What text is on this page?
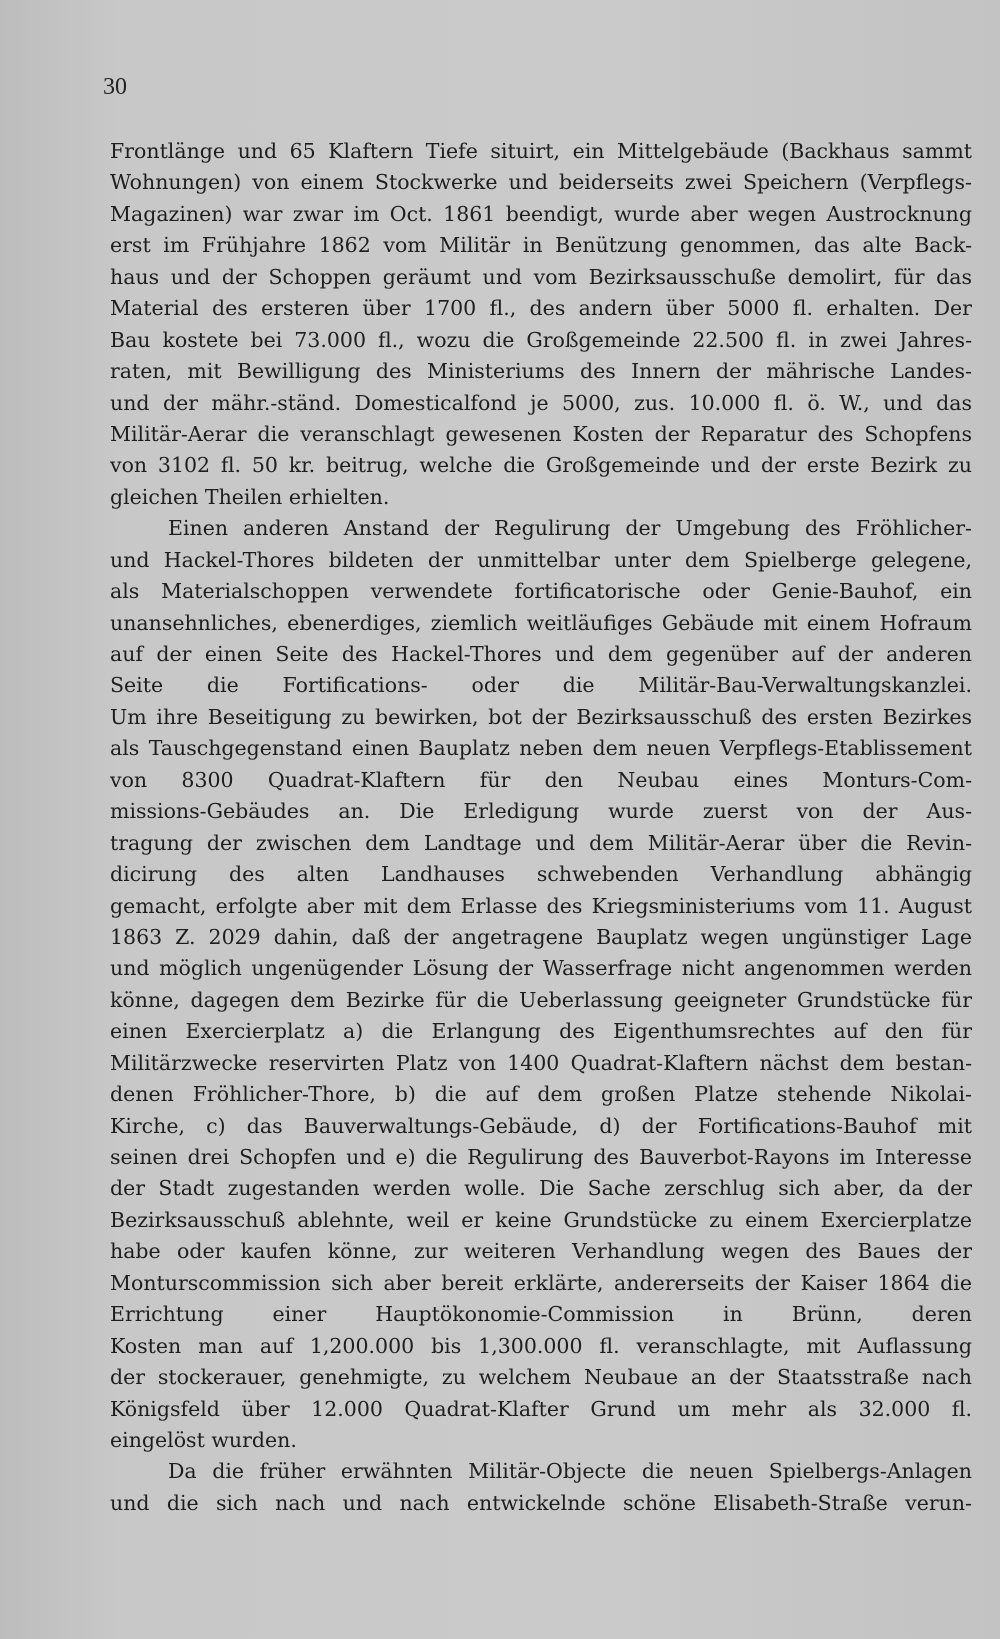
30
Frontlänge und 65 Klaftern Tiefe situirt, ein Mittelgebäude (Backhaus sammt
Wohnungen) von einem Stockwerke und beiderseits zwei Speichern (Verpflegs-
Magazinen) war zwar im Oct. 1861 beendigt, wurde aber wegen Austrocknung
erst im Frühjahre 1862 vom Militär in Benützung genommen, das alte Back-
haus und der Schoppen geräumt und vom Bezirksausschuße demolirt, für das
Material des ersteren über 1700 fl., des andern über 5000 fl. erhalten. Der
Bau kostete bei 73.000 fl., wozu die Großgemeinde 22.500 fl. in zwei Jahres-
raten, mit Bewilligung des Ministeriums des Innern der mährische Landes-
und der mähr.-ständ. Domesticalfond je 5000, zus. 10.000 fl. ö. W., und das
Militär-Aerar die veranschlagt gewesenen Kosten der Reparatur des Schopfens
von 3102 fl. 50 kr. beitrug, welche die Großgemeinde und der erste Bezirk zu
gleichen Theilen erhielten.
Einen anderen Anstand der Regulirung der Umgebung des Fröhlicher-
und Hackel-Thores bildeten der unmittelbar unter dem Spielberge gelegene,
als Materialschoppen verwendete fortificatorische oder Genie-Bauhof, ein
unansehnliches, ebenerdiges, ziemlich weitläufiges Gebäude mit einem Hofraum
auf der einen Seite des Hackel-Thores und dem gegenüber auf der anderen
Seite die Fortifications- oder die Militär-Bau-Verwaltungskanzlei.
Um ihre Beseitigung zu bewirken, bot der Bezirksausschuß des ersten Bezirkes
als Tauschgegenstand einen Bauplatz neben dem neuen Verpflegs-Etablissement
von 8300 Quadrat-Klaftern für den Neubau eines Monturs-Com-
missions-Gebäudes an. Die Erledigung wurde zuerst von der Aus-
tragung der zwischen dem Landtage und dem Militär-Aerar über die Revin-
dicirung des alten Landhauses schwebenden Verhandlung abhängig
gemacht, erfolgte aber mit dem Erlasse des Kriegsministeriums vom 11. August
1863 Z. 2029 dahin, daß der angetragene Bauplatz wegen ungünstiger Lage
und möglich ungenügender Lösung der Wasserfrage nicht angenommen werden
könne, dagegen dem Bezirke für die Ueberlassung geeigneter Grundstücke für
einen Exercierplatz a) die Erlangung des Eigenthumsrechtes auf den für
Militärzwecke reservirten Platz von 1400 Quadrat-Klaftern nächst dem bestan-
denen Fröhlicher-Thore, b) die auf dem großen Platze stehende Nikolai-
Kirche, c) das Bauverwaltungs-Gebäude, d) der Fortifications-Bauhof mit
seinen drei Schopfen und e) die Regulirung des Bauverbot-Rayons im Interesse
der Stadt zugestanden werden wolle. Die Sache zerschlug sich aber, da der
Bezirksausschuß ablehnte, weil er keine Grundstücke zu einem Exercierplatze
habe oder kaufen könne, zur weiteren Verhandlung wegen des Baues der
Monturscommission sich aber bereit erklärte, andererseits der Kaiser 1864 die
Errichtung einer Hauptökonomie-Commission in Brünn, deren
Kosten man auf 1,200.000 bis 1,300.000 fl. veranschlagte, mit Auflassung
der stockerauer, genehmigte, zu welchem Neubaue an der Staatsstraße nach
Königsfeld über 12.000 Quadrat-Klafter Grund um mehr als 32.000 fl.
eingelöst wurden.
Da die früher erwähnten Militär-Objecte die neuen Spielbergs-Anlagen
und die sich nach und nach entwickelnde schöne Elisabeth-Straße verun-
